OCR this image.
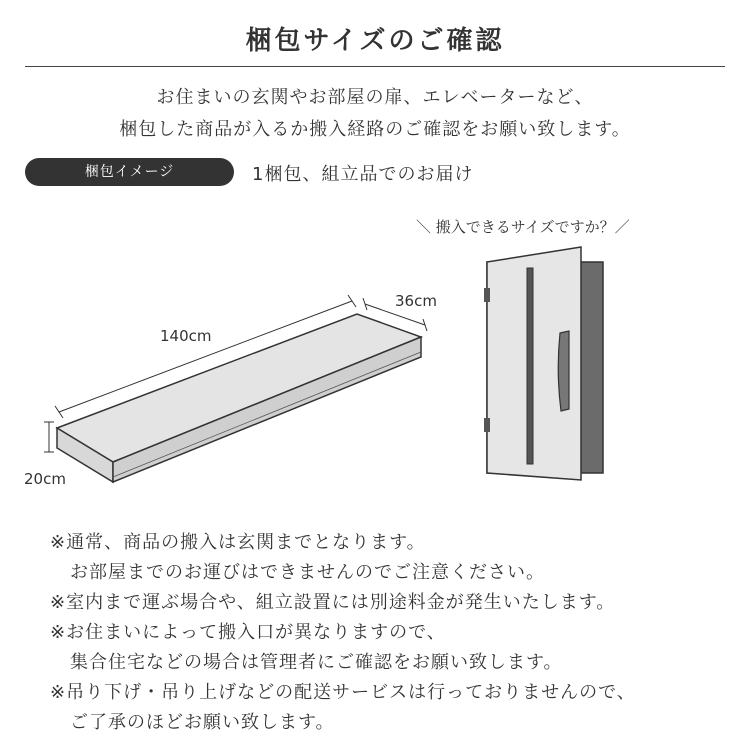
梱包サイズのご確認
お住まいの玄関やお部屋の扉、エレベーターなど、
梱包した商品が入るか搬入経路のご確認をお願い致します。
梱包イメージ	1梱包、組立品でのお届け
140cm
36cm
20cm
＼ 搬入できるサイズですか？／
※通常、商品の搬入は玄関までとなります。
お部屋までのお運びはできませんのでご注意ください。
※室内まで運ぶ場合や、組立設置には別途料金が発生いたします。
※お住まいによって搬入口が異なりますので、
集合住宅などの場合は管理者にご確認をお願い致します。
※吊り下げ・吊り上げなどの配送サービスは行っておりませんので、
ご了承のほどお願い致します。
